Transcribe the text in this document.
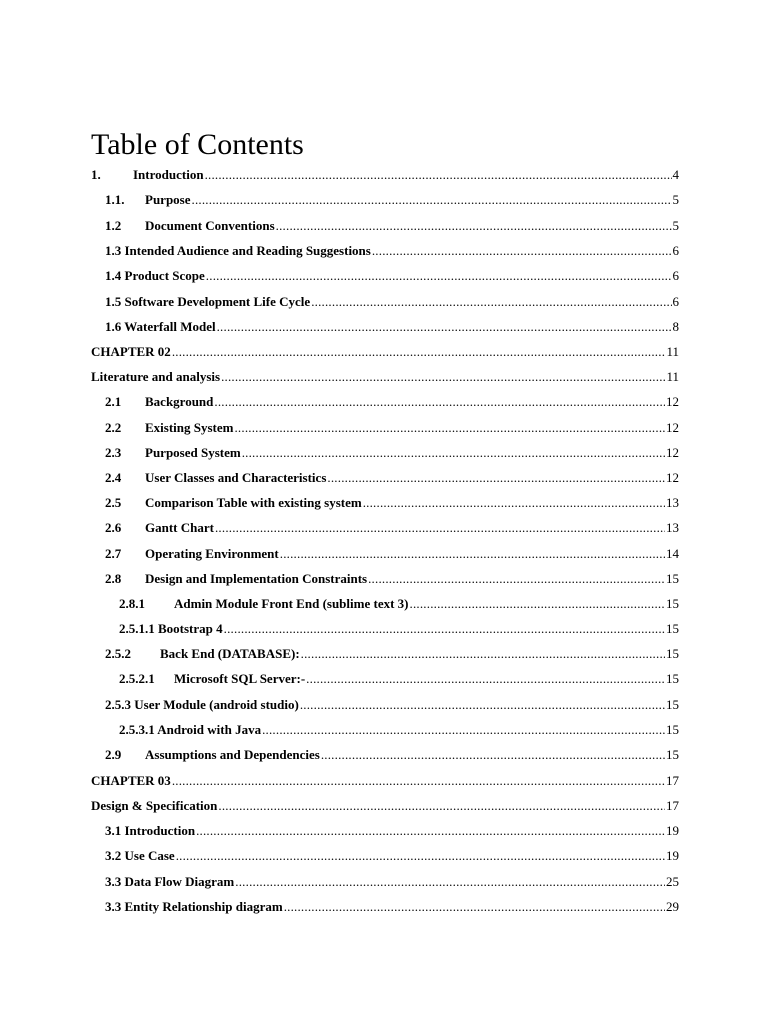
Table of Contents
1.	Introduction .....	4
1.1.	Purpose .....	5
1.2	Document Conventions .....	5
1.3 Intended Audience and Reading Suggestions .....	6
1.4 Product Scope .....	6
1.5 Software Development Life Cycle .....	6
1.6 Waterfall Model .....	8
CHAPTER 02 .....	11
Literature and analysis .....	11
2.1	Background .....	12
2.2	Existing System .....	12
2.3	Purposed System .....	12
2.4	User Classes and Characteristics .....	12
2.5	Comparison Table with existing system .....	13
2.6	Gantt Chart .....	13
2.7	Operating Environment .....	14
2.8	Design and Implementation Constraints .....	15
2.8.1	Admin Module Front End (sublime text 3) .....	15
2.5.1.1 Bootstrap 4 .....	15
2.5.2	Back End (DATABASE): .....	15
2.5.2.1	Microsoft SQL Server:- .....	15
2.5.3 User Module (android studio) .....	15
2.5.3.1 Android with Java .....	15
2.9	Assumptions and Dependencies .....	15
CHAPTER 03 .....	17
Design & Specification .....	17
3.1 Introduction .....	19
3.2 Use Case .....	19
3.3 Data Flow Diagram .....	25
3.3 Entity Relationship diagram .....	29
